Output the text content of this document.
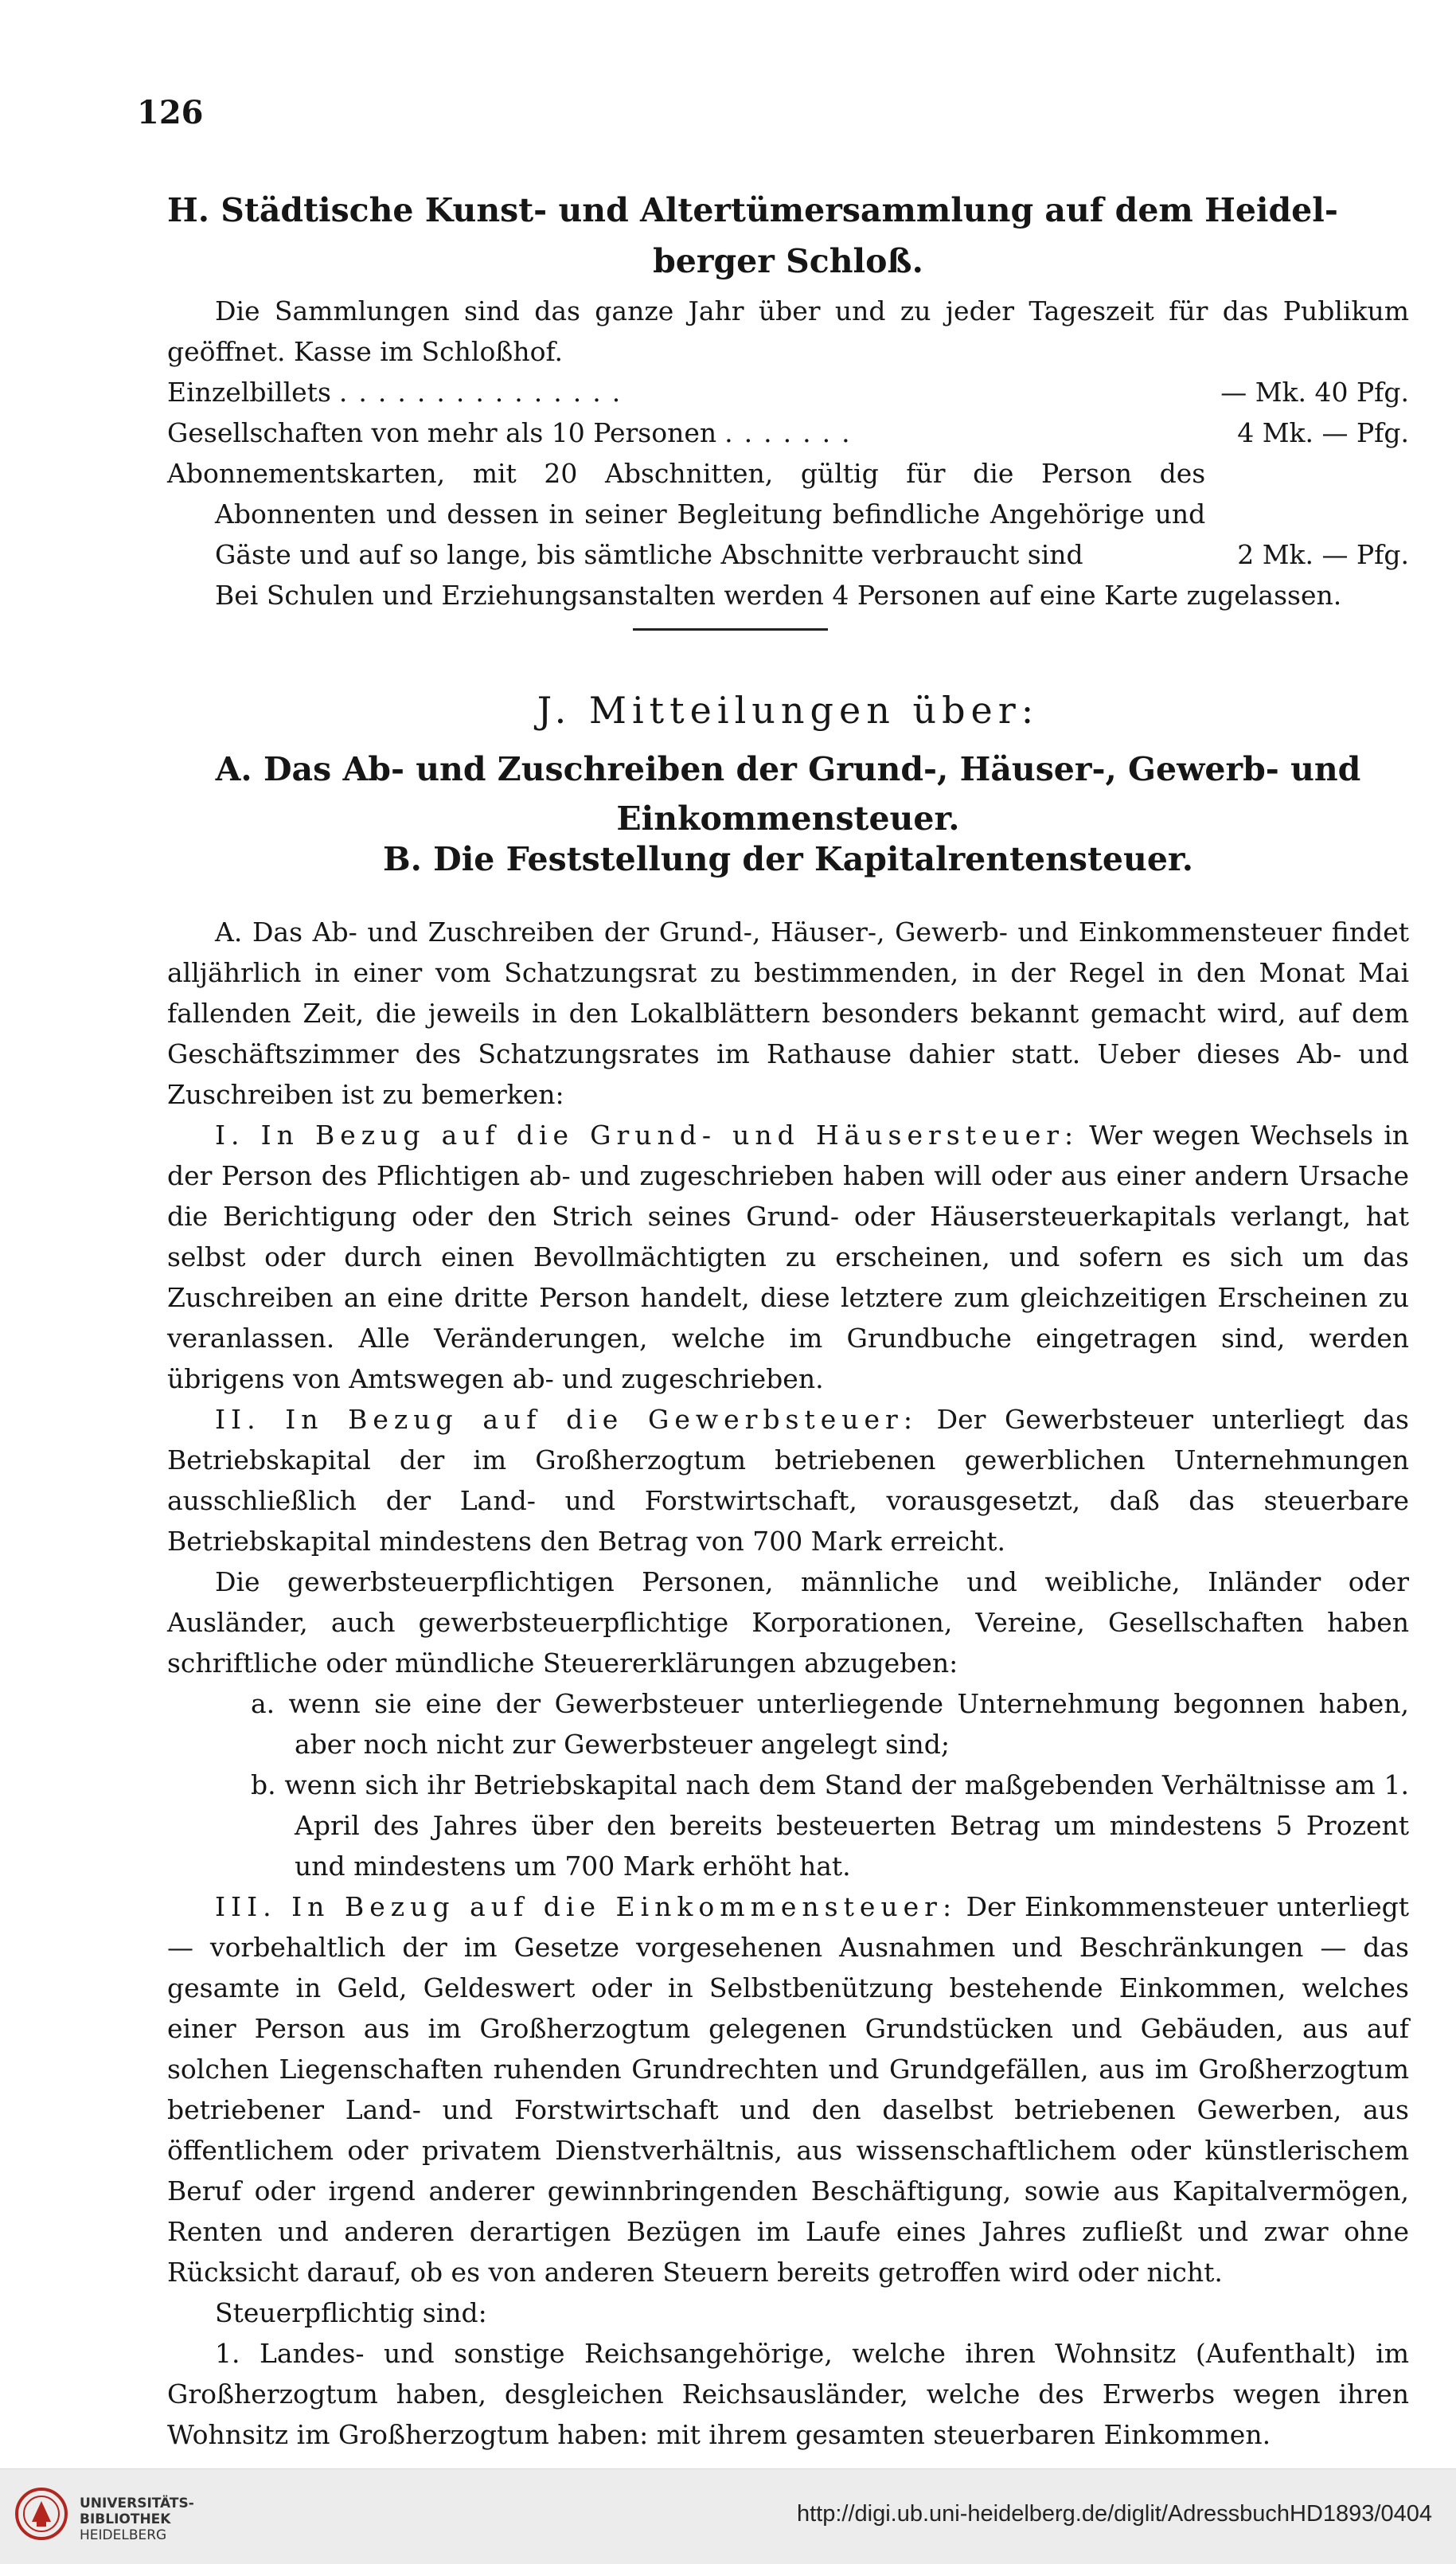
126
H. Städtische Kunst- und Altertümersammlung auf dem Heidel-
berger Schloß.

Die Sammlungen sind das ganze Jahr über und zu jeder Tageszeit für das Publikum geöffnet. Kasse im Schloßhof.

Einzelbillets ...............	— Mk. 40 Pfg.
Gesellschaften von mehr als 10 Personen .......	4 Mk. — Pfg.
Abonnementskarten, mit 20 Abschnitten, gültig für die Person des Abonnenten und dessen in seiner Begleitung befindliche Angehörige und Gäste und auf so lange, bis sämtliche Abschnitte verbraucht sind	2 Mk. — Pfg.

Bei Schulen und Erziehungsanstalten werden 4 Personen auf eine Karte zugelassen.

J. Mitteilungen über:
A. Das Ab- und Zuschreiben der Grund-, Häuser-, Gewerb- und
Einkommensteuer.
B. Die Feststellung der Kapitalrentensteuer.

A. Das Ab- und Zuschreiben der Grund-, Häuser-, Gewerb- und Einkommensteuer findet alljährlich in einer vom Schatzungsrat zu bestimmenden, in der Regel in den Monat Mai fallenden Zeit, die jeweils in den Lokalblättern besonders bekannt gemacht wird, auf dem Geschäftszimmer des Schatzungsrates im Rathause dahier statt. Ueber dieses Ab- und Zuschreiben ist zu bemerken:

I. In Bezug auf die Grund- und Häusersteuer: Wer wegen Wechsels in der Person des Pflichtigen ab- und zugeschrieben haben will oder aus einer andern Ursache die Berichtigung oder den Strich seines Grund- oder Häusersteuerkapitals verlangt, hat selbst oder durch einen Bevollmächtigten zu erscheinen, und sofern es sich um das Zuschreiben an eine dritte Person handelt, diese letztere zum gleichzeitigen Erscheinen zu veranlassen. Alle Veränderungen, welche im Grundbuche eingetragen sind, werden übrigens von Amtswegen ab- und zugeschrieben.

II. In Bezug auf die Gewerbsteuer: Der Gewerbsteuer unterliegt das Betriebskapital der im Großherzogtum betriebenen gewerblichen Unternehmungen ausschließlich der Land- und Forstwirtschaft, vorausgesetzt, daß das steuerbare Betriebskapital mindestens den Betrag von 700 Mark erreicht.

Die gewerbsteuerpflichtigen Personen, männliche und weibliche, Inländer oder Ausländer, auch gewerbsteuerpflichtige Korporationen, Vereine, Gesellschaften haben schriftliche oder mündliche Steuererklärungen abzugeben:

a. wenn sie eine der Gewerbsteuer unterliegende Unternehmung begonnen haben, aber noch nicht zur Gewerbsteuer angelegt sind;

b. wenn sich ihr Betriebskapital nach dem Stand der maßgebenden Verhältnisse am 1. April des Jahres über den bereits besteuerten Betrag um mindestens 5 Prozent und mindestens um 700 Mark erhöht hat.

III. In Bezug auf die Einkommensteuer: Der Einkommensteuer unterliegt — vorbehaltlich der im Gesetze vorgesehenen Ausnahmen und Beschränkungen — das gesamte in Geld, Geldeswert oder in Selbstbenützung bestehende Einkommen, welches einer Person aus im Großherzogtum gelegenen Grundstücken und Gebäuden, aus auf solchen Liegenschaften ruhenden Grundrechten und Grundgefällen, aus im Großherzogtum betriebener Land- und Forstwirtschaft und den daselbst betriebenen Gewerben, aus öffentlichem oder privatem Dienstverhältnis, aus wissenschaftlichem oder künstlerischem Beruf oder irgend anderer gewinnbringenden Beschäftigung, sowie aus Kapitalvermögen, Renten und anderen derartigen Bezügen im Laufe eines Jahres zufließt und zwar ohne Rücksicht darauf, ob es von anderen Steuern bereits getroffen wird oder nicht.

Steuerpflichtig sind:

1. Landes- und sonstige Reichsangehörige, welche ihren Wohnsitz (Aufenthalt) im Großherzogtum haben, desgleichen Reichsausländer, welche des Erwerbs wegen ihren Wohnsitz im Großherzogtum haben: mit ihrem gesamten steuerbaren Einkommen.

UNIVERSITÄTS-
BIBLIOTHEK
HEIDELBERG
http://digi.ub.uni-heidelberg.de/diglit/AdressbuchHD1893/0404
